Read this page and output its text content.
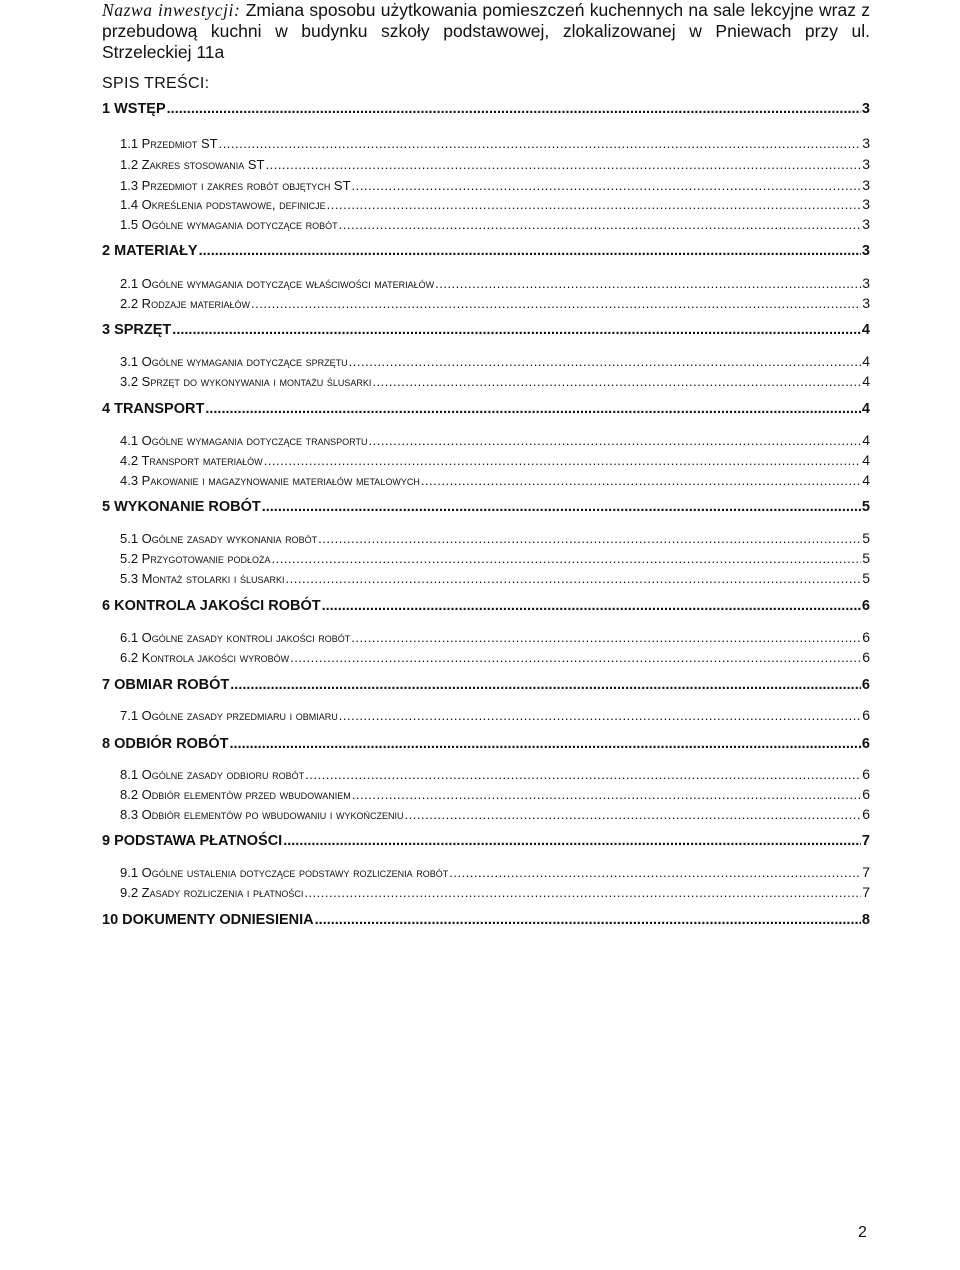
Nazwa inwestycji: Zmiana sposobu użytkowania pomieszczeń kuchennych na sale lekcyjne wraz z przebudową kuchni w budynku szkoły podstawowej, zlokalizowanej w Pniewach przy ul. Strzeleckiej 11a
SPIS TREŚCI:
1 WSTĘP .....	3
1.1 Przedmiot ST .....	3
1.2 Zakres stosowania ST .....	3
1.3 Przedmiot i zakres robót objętych ST .....	3
1.4 Określenia podstawowe, definicje .....	3
1.5 Ogólne wymagania dotyczące robót .....	3
2 MATERIAŁY .....	3
2.1 Ogólne wymagania dotyczące właściwości materiałów .....	3
2.2 Rodzaje materiałów .....	3
3 SPRZĘT .....	4
3.1 Ogólne wymagania dotyczące sprzętu .....	4
3.2 Sprzęt do wykonywania i montażu ślusarki .....	4
4 TRANSPORT .....	4
4.1 Ogólne wymagania dotyczące transportu .....	4
4.2 Transport materiałów .....	4
4.3 Pakowanie i magazynowanie materiałów metalowych .....	4
5 WYKONANIE ROBÓT .....	5
5.1 Ogólne zasady wykonania robót .....	5
5.2 Przygotowanie podłoża .....	5
5.3 Montaż stolarki i ślusarki .....	5
6 KONTROLA JAKOŚCI ROBÓT .....	6
6.1 Ogólne zasady kontroli jakości robót .....	6
6.2 Kontrola jakości wyrobów .....	6
7 OBMIAR ROBÓT .....	6
7.1 Ogólne zasady przedmiaru i obmiaru .....	6
8 ODBIÓR ROBÓT .....	6
8.1 Ogólne zasady odbioru robót .....	6
8.2 Odbiór elementów przed wbudowaniem .....	6
8.3 Odbiór elementów po wbudowaniu i wykończeniu .....	6
9 PODSTAWA PŁATNOŚCI .....	7
9.1 Ogólne ustalenia dotyczące podstawy rozliczenia robót .....	7
9.2 Zasady rozliczenia i płatności .....	7
10 DOKUMENTY ODNIESIENIA .....	8
2
